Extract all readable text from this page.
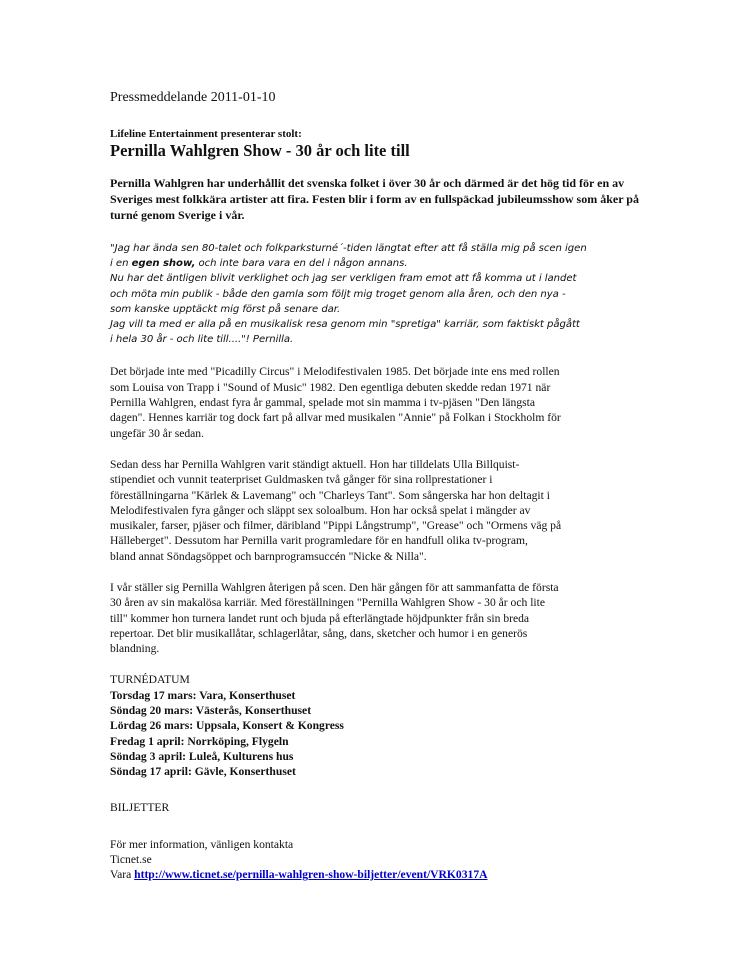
Pressmeddelande 2011-01-10

Lifeline Entertainment presenterar stolt:

Pernilla Wahlgren Show - 30 år och lite till

Pernilla Wahlgren har underhållit det svenska folket i över 30 år och därmed är det hög tid för en av Sveriges mest folkkära artister att fira. Festen blir i form av en fullspäckad jubileumsshow som åker på turné genom Sverige i vår.

"Jag har ända sen 80-talet och folkparksturné´-tiden längtat efter att få ställa mig på scen igen
i en egen show, och inte bara vara en del i någon annans.
Nu har det äntligen blivit verklighet och jag ser verkligen fram emot att få komma ut i landet
och möta min publik - både den gamla som följt mig troget genom alla åren, och den nya -
som kanske upptäckt mig först på senare dar.
Jag vill ta med er alla på en musikalisk resa genom min "spretiga" karriär, som faktiskt pågått
i hela 30 år - och lite till...."! Pernilla.

Det började inte med "Picadilly Circus" i Melodifestivalen 1985. Det började inte ens med rollen
som Louisa von Trapp i "Sound of Music" 1982. Den egentliga debuten skedde redan 1971 när
Pernilla Wahlgren, endast fyra år gammal, spelade mot sin mamma i tv-pjäsen "Den längsta
dagen". Hennes karriär tog dock fart på allvar med musikalen "Annie" på Folkan i Stockholm för
ungefär 30 år sedan.

Sedan dess har Pernilla Wahlgren varit ständigt aktuell. Hon har tilldelats Ulla Billquist-
stipendiet och vunnit teaterpriset Guldmasken två gånger för sina rollprestationer i
föreställningarna "Kärlek & Lavemang" och "Charleys Tant". Som sångerska har hon deltagit i
Melodifestivalen fyra gånger och släppt sex soloalbum. Hon har också spelat i mängder av
musikaler, farser, pjäser och filmer, däribland "Pippi Långstrump", "Grease" och "Ormens väg på
Hälleberget". Dessutom har Pernilla varit programledare för en handfull olika tv-program,
bland annat Söndagsöppet och barnprogramsuccén "Nicke & Nilla".

I vår ställer sig Pernilla Wahlgren återigen på scen. Den här gången för att sammanfatta de första
30 åren av sin makalösa karriär. Med föreställningen "Pernilla Wahlgren Show - 30 år och lite
till" kommer hon turnera landet runt och bjuda på efterlängtade höjdpunkter från sin breda
repertoar. Det blir musikallåtar, schlagerlåtar, sång, dans, sketcher och humor i en generös
blandning.

TURNÉDATUM

Torsdag 17 mars: Vara, Konserthuset
Söndag 20 mars: Västerås, Konserthuset
Lördag 26 mars: Uppsala, Konsert & Kongress
Fredag 1 april: Norrköping, Flygeln
Söndag 3 april: Luleå, Kulturens hus
Söndag 17 april: Gävle, Konserthuset

BILJETTER

För mer information, vänligen kontakta
Ticnet.se
Vara http://www.ticnet.se/pernilla-wahlgren-show-biljetter/event/VRK0317A
